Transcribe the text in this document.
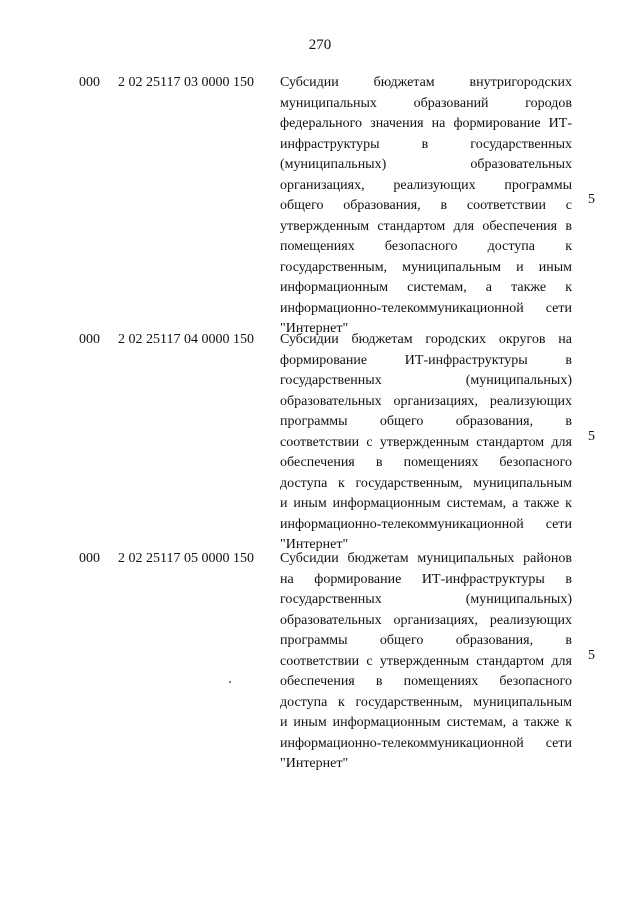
270
000 2 02 25117 03 0000 150 Субсидии бюджетам внутригородских
муниципальных образований городов
федерального значения на формирование ИТ-
инфраструктуры в государственных
(муниципальных) образовательных
организациях, реализующих программы
общего образования, в соответствии с
утвержденным стандартом для обеспечения в
помещениях безопасного доступа к
государственным, муниципальным и иным
информационным системам, а также к
информационно-телекоммуникационной сети
"Интернет"
5
000 2 02 25117 04 0000 150 Субсидии бюджетам городских округов на
формирование ИТ-инфраструктуры в
государственных (муниципальных)
образовательных организациях, реализующих
программы общего образования, в
соответствии с утвержденным стандартом для
обеспечения в помещениях безопасного
доступа к государственным, муниципальным
и иным информационным системам, а также к
информационно-телекоммуникационной сети
"Интернет"
5
000 2 02 25117 05 0000 150 Субсидии бюджетам муниципальных районов
на формирование ИТ-инфраструктуры в
государственных (муниципальных)
образовательных организациях, реализующих
программы общего образования, в
соответствии с утвержденным стандартом для
обеспечения в помещениях безопасного
доступа к государственным, муниципальным
и иным информационным системам, а также к
информационно-телекоммуникационной сети
"Интернет"
5
